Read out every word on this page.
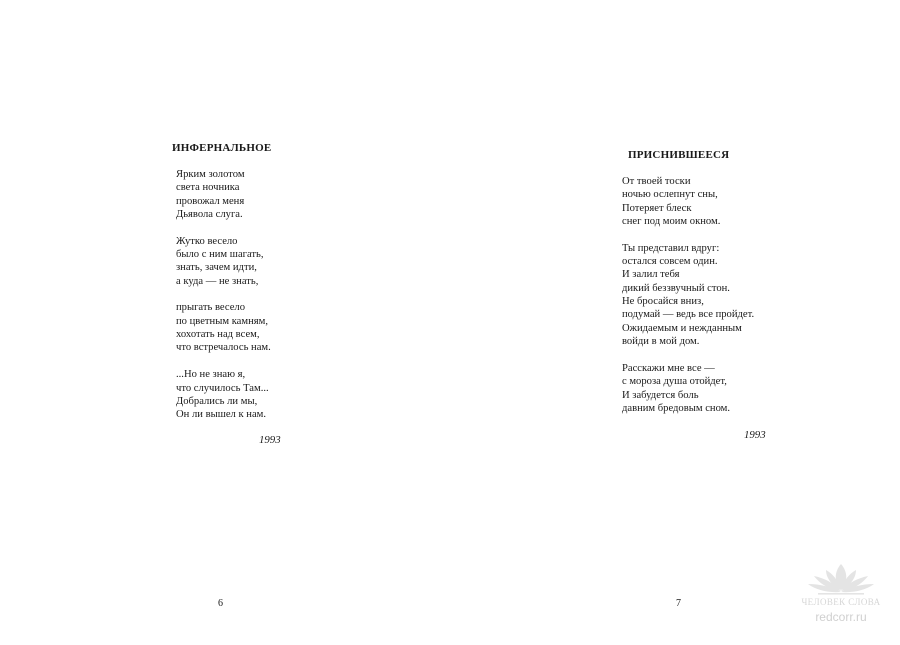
ИНФЕРНАЛЬНОЕ
Ярким золотом
света ночника
провожал меня
Дьявола слуга.
Жутко весело
было с ним шагать,
знать, зачем идти,
а куда — не знать,
прыгать весело
по цветным камням,
хохотать над всем,
что встречалось нам.
...Но не знаю я,
что случилось Там...
Добрались ли мы,
Он ли вышел к нам.
1993
6
ПРИСНИВШЕЕСЯ
От твоей тоски
ночью ослепнут сны,
Потеряет блеск
снег под моим окном.
Ты представил вдруг:
остался совсем один.
И залил тебя
дикий беззвучный стон.
Не бросайся вниз,
подумай — ведь все пройдет.
Ожидаемым и нежданным
войди в мой дом.
Расскажи мне все —
с мороза душа отойдет,
И забудется боль
давним бредовым сном.
1993
7	ЧЕЛОВЕК СЛОВА
redcorr.ru
